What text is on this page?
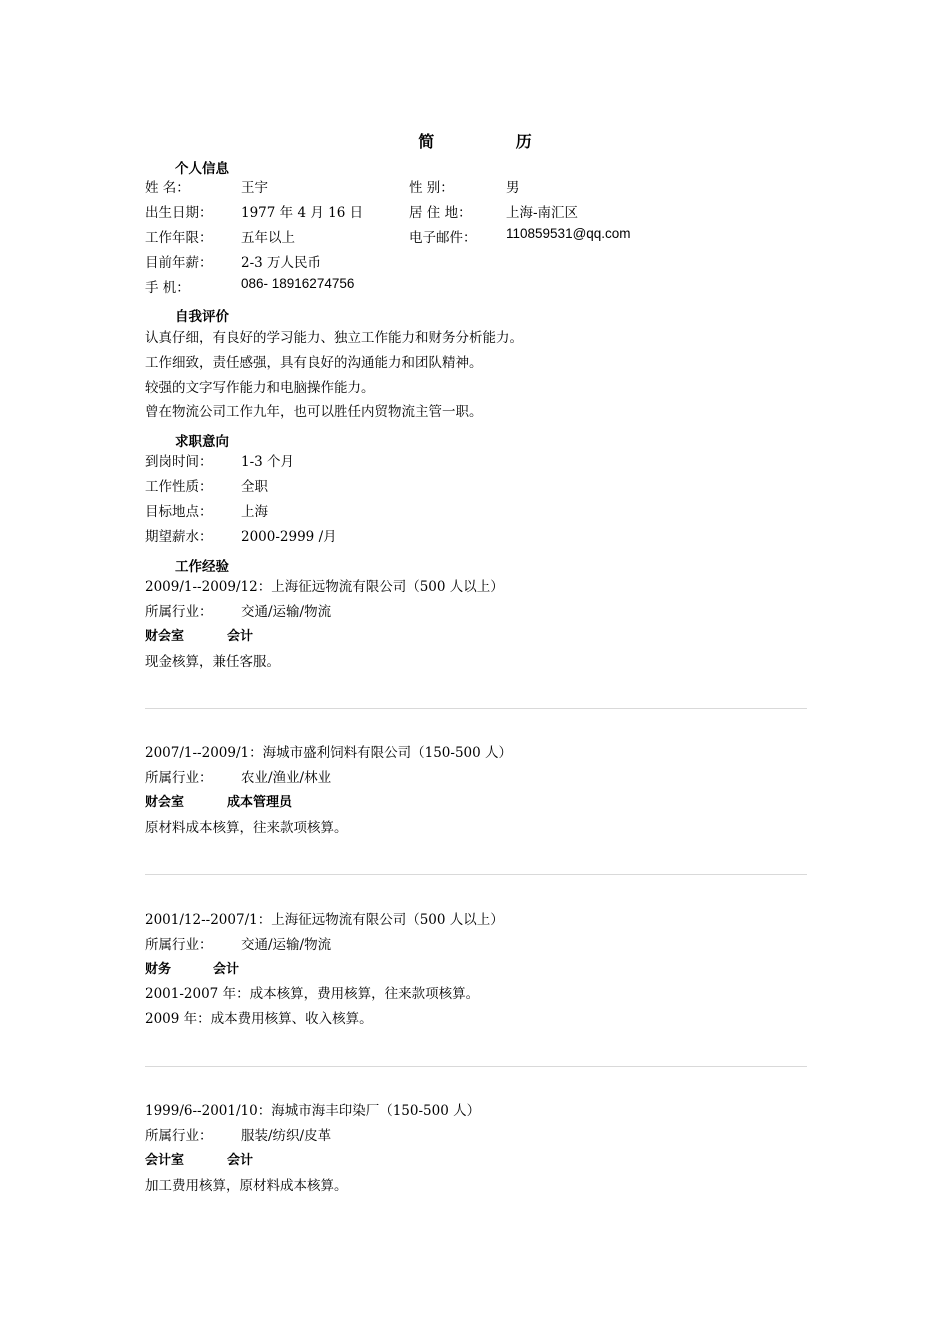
简 历
个人信息
姓 名：	王宇	性 别：	男
出生日期： 1977 年 4 月 16 日	居 住 地：	上海-南汇区
工作年限： 五年以上	电子邮件： 110859531@qq.com
目前年薪： 2-3 万人民币
手 机：	086- 18916274756
自我评价
认真仔细，有良好的学习能力、独立工作能力和财务分析能力。
工作细致，责任感强，具有良好的沟通能力和团队精神。
较强的文字写作能力和电脑操作能力。
曾在物流公司工作九年，也可以胜任内贸物流主管一职。
求职意向
到岗时间： 1-3 个月
工作性质： 全职
目标地点： 上海
期望薪水： 2000-2999 /月
工作经验
2009/1--2009/12：上海征远物流有限公司（500 人以上）
所属行业： 交通/运输/物流
财会室	会计
现金核算，兼任客服。
2007/1--2009/1：海城市盛利饲料有限公司（150-500 人）
所属行业： 农业/渔业/林业
财会室	成本管理员
原材料成本核算，往来款项核算。
2001/12--2007/1：上海征远物流有限公司（500 人以上）
所属行业： 交通/运输/物流
财务	会计
2001-2007 年：成本核算，费用核算，往来款项核算。
2009 年：成本费用核算、收入核算。
1999/6--2001/10：海城市海丰印染厂（150-500 人）
所属行业： 服装/纺织/皮革
会计室	会计
加工费用核算，原材料成本核算。
